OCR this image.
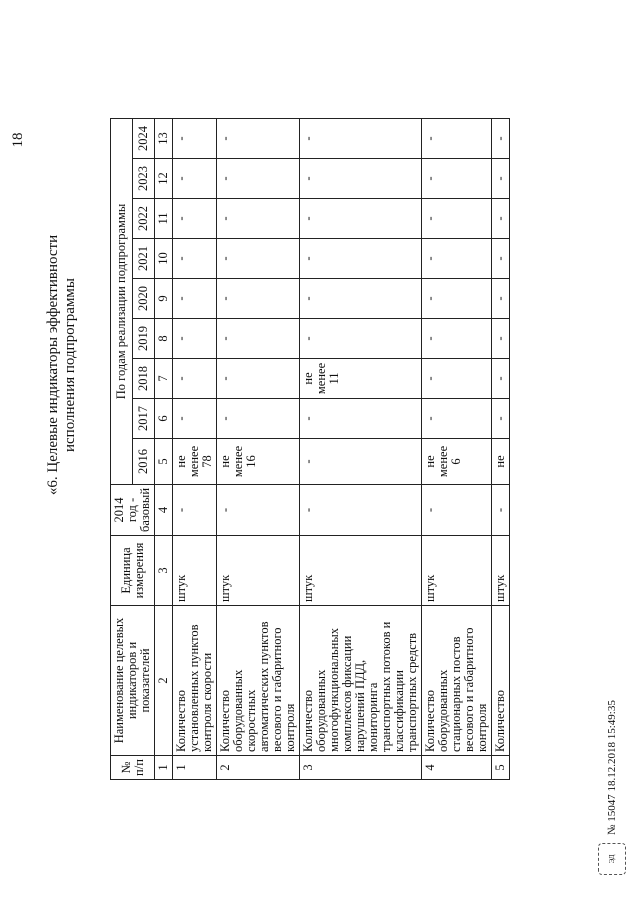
18
«6. Целевые индикаторы эффективности исполнения подпрограммы
№ п/п	Наименование целевых индикаторов и показателей	Единица измерения	2014 год - базовый	По годам реализации подпрограммы								
				2016	2017	2018	2019	2020	2021	2022	2023	2024
1	2	3	4	5	6	7	8	9	10	11	12	13
1	Количество установленных пунктов контроля скорости	штук	-	не менее 78	-	-	-	-	-	-	-	-
2	Количество оборудованных скоростных автоматических пунктов весового и габаритного контроля	штук	-	не менее 16	-	-	-	-	-	-	-	-
3	Количество оборудованных многофункциональных комплексов фиксации нарушений ПДД, мониторинга транспортных потоков и классификации транспортных средств	штук	-	-	-	не менее 11	-	-	-	-	-	-
4	Количество оборудованных стационарных постов весового и габаритного контроля	штук	-	не менее 6	-	-	-	-	-	-	-	-
5	Количество	штук	-	не	-	-	-	-	-	-	-	-
ЭД
№ 15047 18.12.2018 15:49:35
